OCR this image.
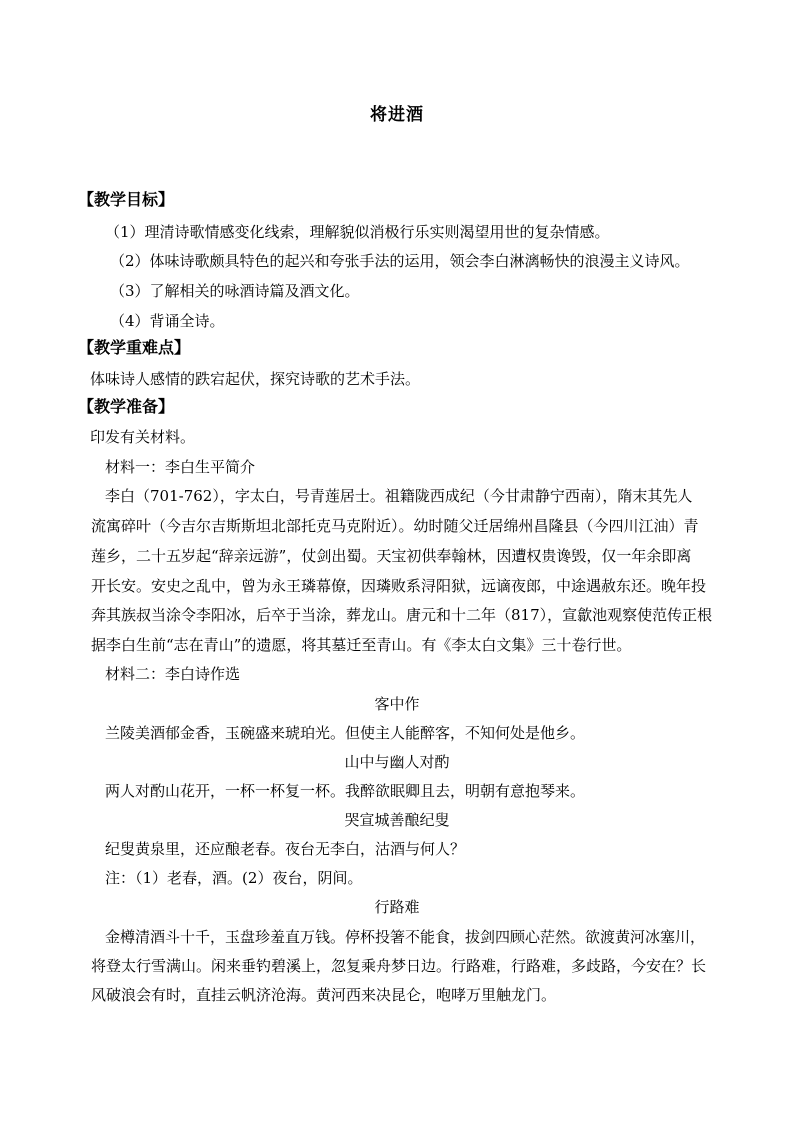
将进酒
【教学目标】
（1）理清诗歌情感变化线索，理解貌似消极行乐实则渴望用世的复杂情感。
（2）体味诗歌颇具特色的起兴和夸张手法的运用，领会李白淋漓畅快的浪漫主义诗风。
（3）了解相关的咏酒诗篇及酒文化。
（4）背诵全诗。
【教学重难点】
体味诗人感情的跌宕起伏，探究诗歌的艺术手法。
【教学准备】
印发有关材料。
材料一：李白生平简介
李白（701-762），字太白，号青莲居士。祖籍陇西成纪（今甘肃静宁西南），隋末其先人
流寓碎叶（今吉尔吉斯斯坦北部托克马克附近）。幼时随父迁居绵州昌隆县（今四川江油）青
莲乡，二十五岁起“辞亲远游”，仗剑出蜀。天宝初供奉翰林，因遭权贵谗毁，仅一年余即离
开长安。安史之乱中，曾为永王璘幕僚，因璘败系浔阳狱，远谪夜郎，中途遇赦东还。晚年投
奔其族叔当涂令李阳冰，后卒于当涂，葬龙山。唐元和十二年（817），宣歙池观察使范传正根
据李白生前“志在青山”的遗愿，将其墓迁至青山。有《李太白文集》三十卷行世。
材料二：李白诗作选
客中作
兰陵美酒郁金香，玉碗盛来琥珀光。但使主人能醉客，不知何处是他乡。
山中与幽人对酌
两人对酌山花开，一杯一杯复一杯。我醉欲眠卿且去，明朝有意抱琴来。
哭宣城善酿纪叟
纪叟黄泉里，还应酿老春。夜台无李白，沽酒与何人？
注：（1）老春，酒。(2）夜台，阴间。
行路难
金樽清酒斗十千，玉盘珍羞直万钱。停杯投箸不能食，拔剑四顾心茫然。欲渡黄河冰塞川，
将登太行雪满山。闲来垂钓碧溪上，忽复乘舟梦日边。行路难，行路难，多歧路，今安在？长
风破浪会有时，直挂云帆济沧海。黄河西来决昆仑，咆哮万里触龙门。
